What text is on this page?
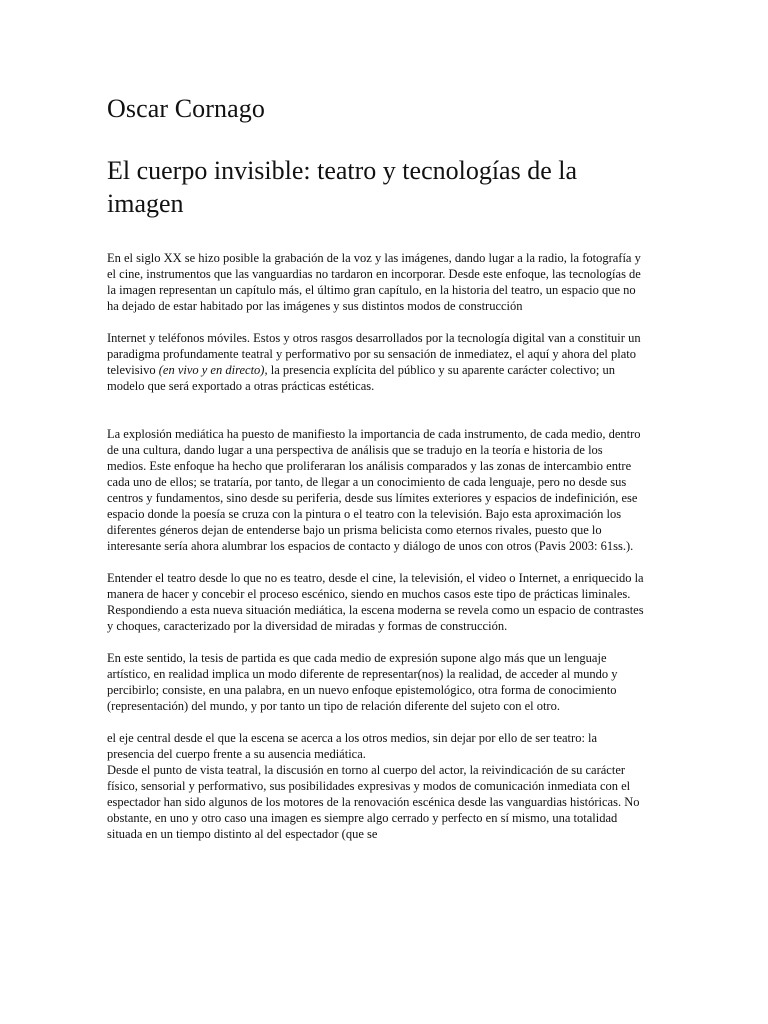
Oscar Cornago
El cuerpo invisible: teatro y tecnologías de la imagen

En el siglo XX se hizo posible la grabación de la voz y las imágenes, dando lugar a la radio, la fotografía y el cine, instrumentos que las vanguardias no tardaron en incorporar. Desde este enfoque, las tecnologías de la imagen representan un capítulo más, el último gran capítulo, en la historia del teatro, un espacio que no ha dejado de estar habitado por las imágenes y sus distintos modos de construcción

Internet y teléfonos móviles. Estos y otros rasgos desarrollados por la tecnología digital van a constituir un paradigma profundamente teatral y performativo por su sensación de inmediatez, el aquí y ahora del plato televisivo (en vivo y en directo), la presencia explícita del público y su aparente carácter colectivo; un modelo que será exportado a otras prácticas estéticas.

La explosión mediática ha puesto de manifiesto la importancia de cada instrumento, de cada medio, dentro de una cultura, dando lugar a una perspectiva de análisis que se tradujo en la teoría e historia de los medios. Este enfoque ha hecho que proliferaran los análisis comparados y las zonas de intercambio entre cada uno de ellos; se trataría, por tanto, de llegar a un conocimiento de cada lenguaje, pero no desde sus centros y fundamentos, sino desde su periferia, desde sus límites exteriores y espacios de indefinición, ese espacio donde la poesía se cruza con la pintura o el teatro con la televisión. Bajo esta aproximación los diferentes géneros dejan de entenderse bajo un prisma belicista como eternos rivales, puesto que lo interesante sería ahora alumbrar los espacios de contacto y diálogo de unos con otros (Pavis 2003: 61ss.).

Entender el teatro desde lo que no es teatro, desde el cine, la televisión, el video o Internet, a enriquecido la manera de hacer y concebir el proceso escénico, siendo en muchos casos este tipo de prácticas liminales. Respondiendo a esta nueva situación mediática, la escena moderna se revela como un espacio de contrastes y choques, caracterizado por la diversidad de miradas y formas de construcción.

En este sentido, la tesis de partida es que cada medio de expresión supone algo más que un lenguaje artístico, en realidad implica un modo diferente de representar(nos) la realidad, de acceder al mundo y percibirlo; consiste, en una palabra, en un nuevo enfoque epistemológico, otra forma de conocimiento (representación) del mundo, y por tanto un tipo de relación diferente del sujeto con el otro.

el eje central desde el que la escena se acerca a los otros medios, sin dejar por ello de ser teatro: la presencia del cuerpo frente a su ausencia mediática.

Desde el punto de vista teatral, la discusión en torno al cuerpo del actor, la reivindicación de su carácter físico, sensorial y performativo, sus posibilidades expresivas y modos de comunicación inmediata con el espectador han sido algunos de los motores de la renovación escénica desde las vanguardias históricas. No obstante, en uno y otro caso una imagen es siempre algo cerrado y perfecto en sí mismo, una totalidad situada en un tiempo distinto al del espectador (que se
